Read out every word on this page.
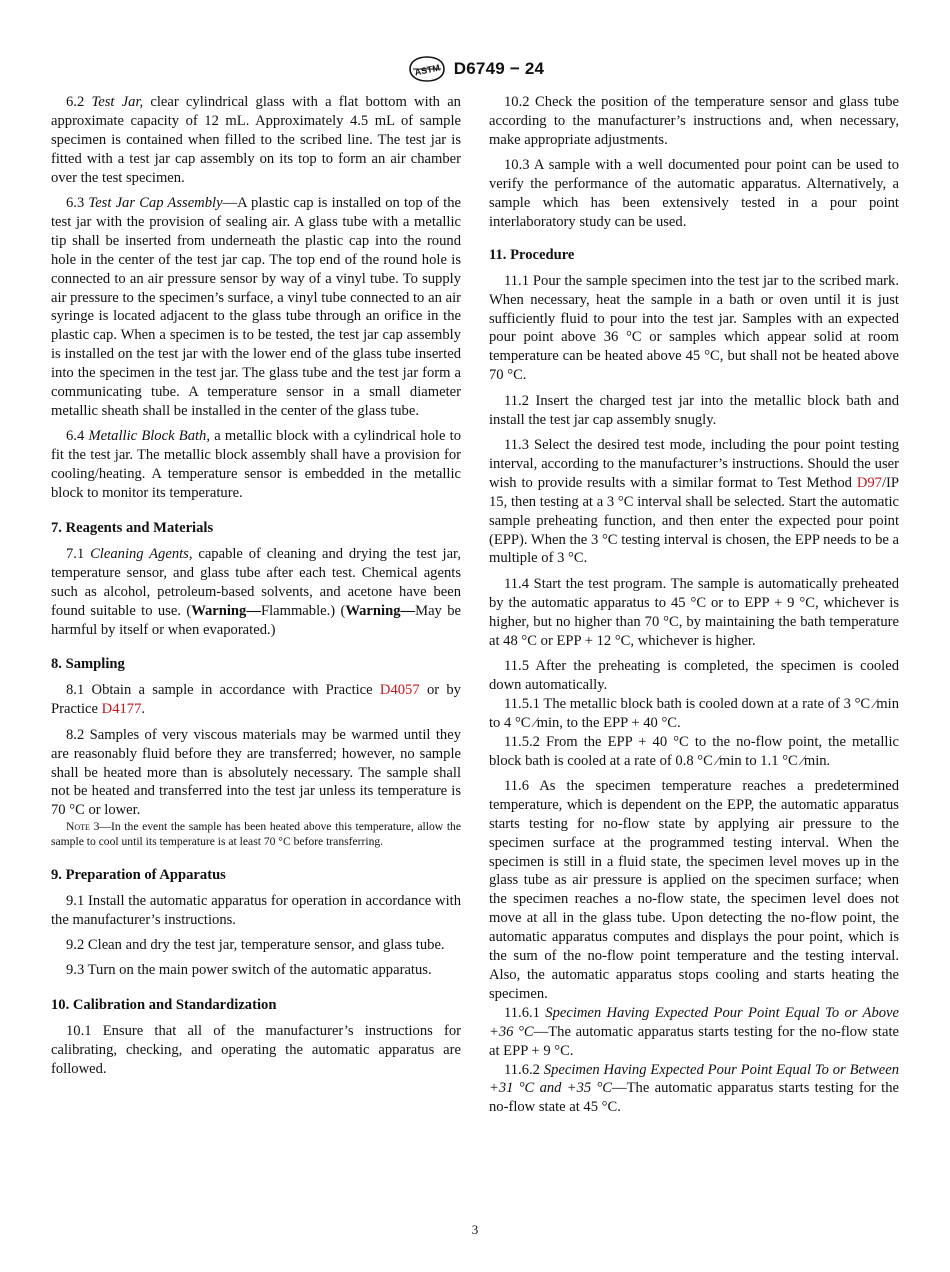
ASTM D6749 − 24

6.2 Test Jar, clear cylindrical glass with a flat bottom with an approximate capacity of 12 mL. Approximately 4.5 mL of sample specimen is contained when filled to the scribed line. The test jar is fitted with a test jar cap assembly on its top to form an air chamber over the test specimen.

6.3 Test Jar Cap Assembly—A plastic cap is installed on top of the test jar with the provision of sealing air. A glass tube with a metallic tip shall be inserted from underneath the plastic cap into the round hole in the center of the test jar cap. The top end of the round hole is connected to an air pressure sensor by way of a vinyl tube. To supply air pressure to the specimen’s surface, a vinyl tube connected to an air syringe is located adjacent to the glass tube through an orifice in the plastic cap. When a specimen is to be tested, the test jar cap assembly is installed on the test jar with the lower end of the glass tube inserted into the specimen in the test jar. The glass tube and the test jar form a communicating tube. A temperature sensor in a small diameter metallic sheath shall be installed in the center of the glass tube.

6.4 Metallic Block Bath, a metallic block with a cylindrical hole to fit the test jar. The metallic block assembly shall have a provision for cooling/heating. A temperature sensor is embedded in the metallic block to monitor its temperature.

7. Reagents and Materials

7.1 Cleaning Agents, capable of cleaning and drying the test jar, temperature sensor, and glass tube after each test. Chemical agents such as alcohol, petroleum-based solvents, and acetone have been found suitable to use. (Warning—Flammable.) (Warning—May be harmful by itself or when evaporated.)

8. Sampling

8.1 Obtain a sample in accordance with Practice D4057 or by Practice D4177.

8.2 Samples of very viscous materials may be warmed until they are reasonably fluid before they are transferred; however, no sample shall be heated more than is absolutely necessary. The sample shall not be heated and transferred into the test jar unless its temperature is 70 °C or lower.

Note 3—In the event the sample has been heated above this temperature, allow the sample to cool until its temperature is at least 70 °C before transferring.
9. Preparation of Apparatus

9.1 Install the automatic apparatus for operation in accordance with the manufacturer’s instructions.

9.2 Clean and dry the test jar, temperature sensor, and glass tube.

9.3 Turn on the main power switch of the automatic apparatus.

10. Calibration and Standardization

10.1 Ensure that all of the manufacturer’s instructions for calibrating, checking, and operating the automatic apparatus are followed.

10.2 Check the position of the temperature sensor and glass tube according to the manufacturer’s instructions and, when necessary, make appropriate adjustments.

10.3 A sample with a well documented pour point can be used to verify the performance of the automatic apparatus. Alternatively, a sample which has been extensively tested in a pour point interlaboratory study can be used.

11. Procedure

11.1 Pour the sample specimen into the test jar to the scribed mark. When necessary, heat the sample in a bath or oven until it is just sufficiently fluid to pour into the test jar. Samples with an expected pour point above 36 °C or samples which appear solid at room temperature can be heated above 45 °C, but shall not be heated above 70 °C.

11.2 Insert the charged test jar into the metallic block bath and install the test jar cap assembly snugly.

11.3 Select the desired test mode, including the pour point testing interval, according to the manufacturer’s instructions. Should the user wish to provide results with a similar format to Test Method D97/IP 15, then testing at a 3 °C interval shall be selected. Start the automatic sample preheating function, and then enter the expected pour point (EPP). When the 3 °C testing interval is chosen, the EPP needs to be a multiple of 3 °C.

11.4 Start the test program. The sample is automatically preheated by the automatic apparatus to 45 °C or to EPP + 9 °C, whichever is higher, but no higher than 70 °C, by maintaining the bath temperature at 48 °C or EPP + 12 °C, whichever is higher.

11.5 After the preheating is completed, the specimen is cooled down automatically.

11.5.1 The metallic block bath is cooled down at a rate of 3 °C ⁄min to 4 °C ⁄min, to the EPP + 40 °C.

11.5.2 From the EPP + 40 °C to the no-flow point, the metallic block bath is cooled at a rate of 0.8 °C ⁄min to 1.1 °C ⁄min.

11.6 As the specimen temperature reaches a predetermined temperature, which is dependent on the EPP, the automatic apparatus starts testing for no-flow state by applying air pressure to the specimen surface at the programmed testing interval. When the specimen is still in a fluid state, the specimen level moves up in the glass tube as air pressure is applied on the specimen surface; when the specimen reaches a no-flow state, the specimen level does not move at all in the glass tube. Upon detecting the no-flow point, the automatic apparatus computes and displays the pour point, which is the sum of the no-flow point temperature and the testing interval. Also, the automatic apparatus stops cooling and starts heating the specimen.

11.6.1 Specimen Having Expected Pour Point Equal To or Above +36 °C—The automatic apparatus starts testing for the no-flow state at EPP + 9 °C.

11.6.2 Specimen Having Expected Pour Point Equal To or Between +31 °C and +35 °C—The automatic apparatus starts testing for the no-flow state at 45 °C.

3
